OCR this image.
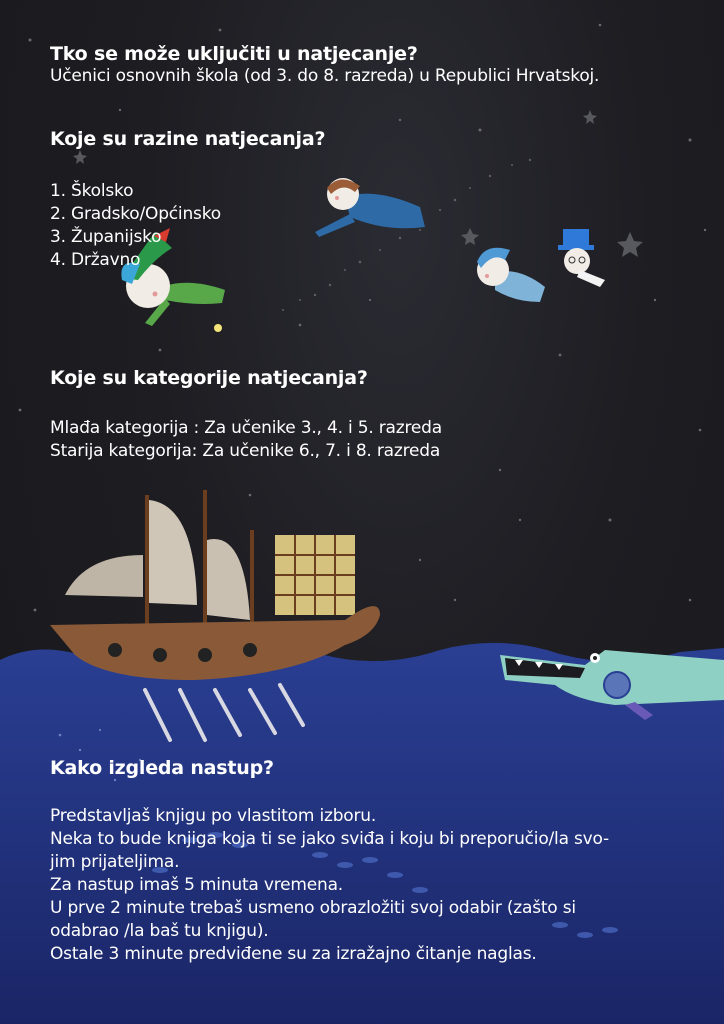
Tko se može uključiti u natjecanje?

Učenici osnovnih škola (od 3. do 8. razreda) u Republici Hrvatskoj.

Koje su razine natjecanja?
1. Školsko
2. Gradsko/Općinsko
3. Županijsko
4. Državno
Koje su kategorije natjecanja?

Mlađa kategorija : Za učenike 3., 4. i 5. razreda

Starija kategorija: Za učenike 6., 7. i 8. razreda

Kako izgleda nastup?

Predstavljaš knjigu po vlastitom izboru.

Neka to bude knjiga koja ti se jako sviđa i koju bi preporučio/la svo-

jim prijateljima.

Za nastup imaš 5 minuta vremena.

U prve 2 minute trebaš usmeno obrazložiti svoj odabir (zašto si

odabrao /la baš tu knjigu).

Ostale 3 minute predviđene su za izražajno čitanje naglas.
